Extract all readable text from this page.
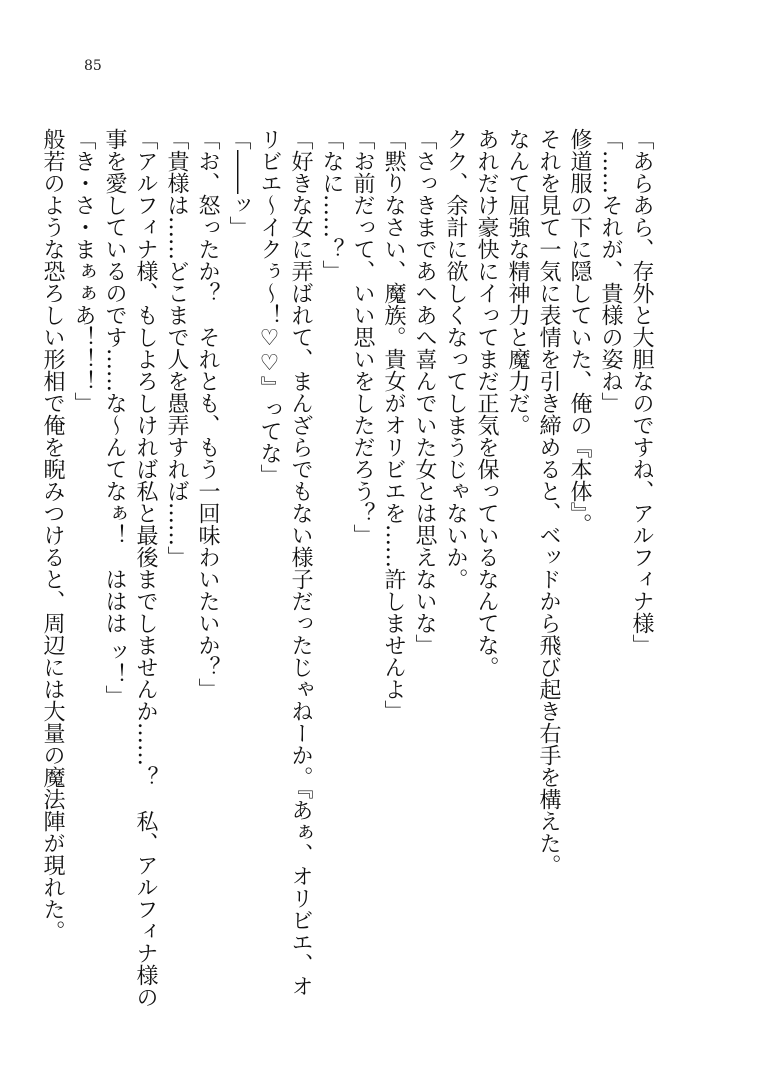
85
「あらあら、存外と大胆なのですね、アルフィナ様」
「……それが、貴様の姿ね」
修道服の下に隠していた、俺の『本体』。
それを見て一気に表情を引き締めると、ベッドから飛び起き右手を構えた。
なんて屈強な精神力と魔力だ。
あれだけ豪快にイってまだ正気を保っているなんてな。
クク、余計に欲しくなってしまうじゃないか。
「さっきまであへあへ喜んでいた女とは思えないな」
「黙りなさい、魔族。貴女がオリビエを……許しませんよ」
「お前だって、いい思いをしただろう？」
「なに……？」
「好きな女に弄ばれて、まんざらでもない様子だったじゃねーか。『あぁ、オリビエ、オ
リビエ～イクぅ～！♡♡』ってな」
「――ッ」
「お、怒ったか？　それとも、もう一回味わいたいか？」
「貴様は……どこまで人を愚弄すれば……」
「アルフィナ様、もしよろしければ私と最後までしませんか……？　私、アルフィナ様の
事を愛しているのです……な～んてなぁ！　ははは ッ！」
「き・さ・まぁぁあ！！！」
般若のような恐ろしい形相で俺を睨みつけると、周辺には大量の魔法陣が現れた。
